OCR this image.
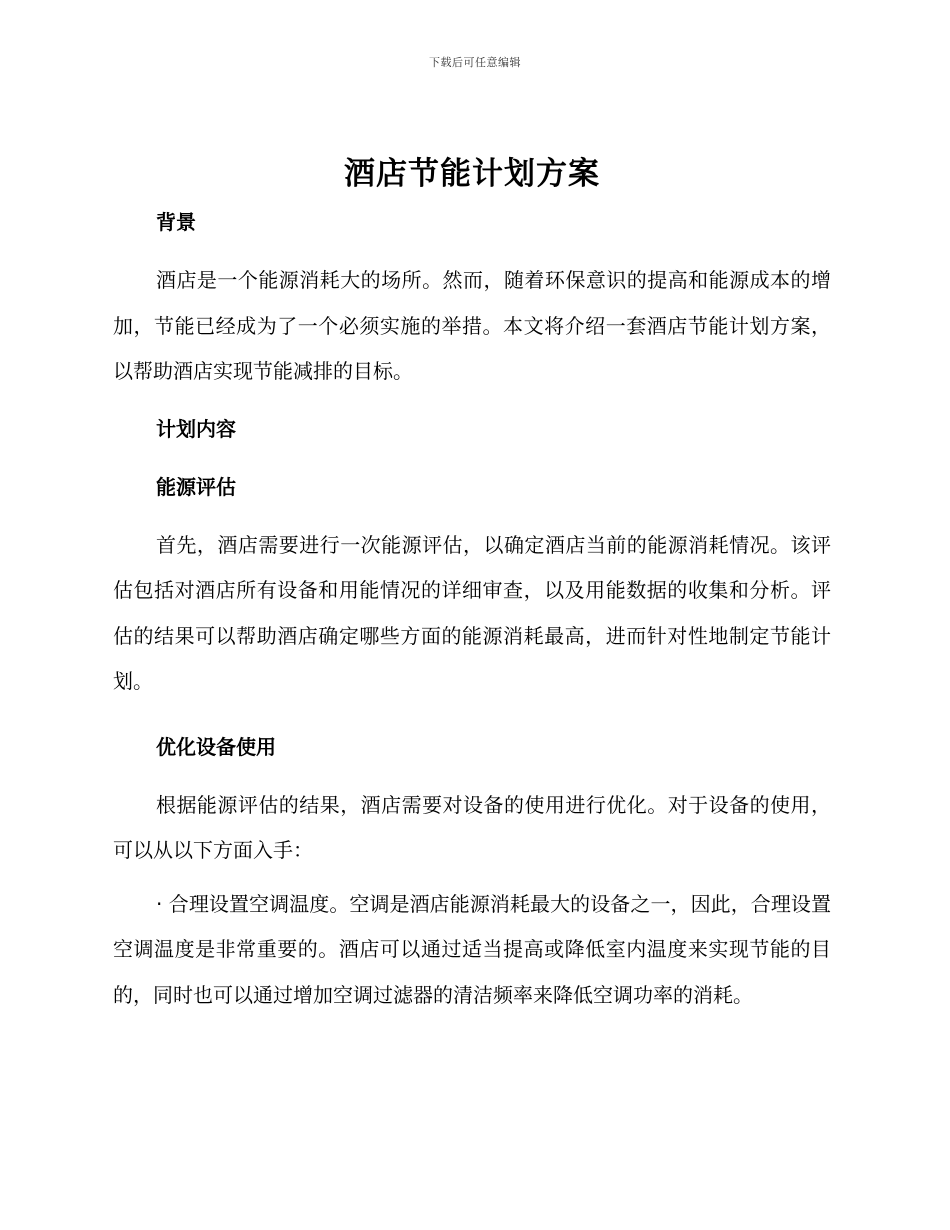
下载后可任意编辑
酒店节能计划方案
背景

酒店是一个能源消耗大的场所。然而，随着环保意识的提高和能源成本的增加，节能已经成为了一个必须实施的举措。本文将介绍一套酒店节能计划方案，以帮助酒店实现节能减排的目标。

计划内容
能源评估

首先，酒店需要进行一次能源评估，以确定酒店当前的能源消耗情况。该评估包括对酒店所有设备和用能情况的详细审查，以及用能数据的收集和分析。评估的结果可以帮助酒店确定哪些方面的能源消耗最高，进而针对性地制定节能计划。

优化设备使用

根据能源评估的结果，酒店需要对设备的使用进行优化。对于设备的使用，可以从以下方面入手：

· 合理设置空调温度。空调是酒店能源消耗最大的设备之一，因此，合理设置空调温度是非常重要的。酒店可以通过适当提高或降低室内温度来实现节能的目的，同时也可以通过增加空调过滤器的清洁频率来降低空调功率的消耗。
